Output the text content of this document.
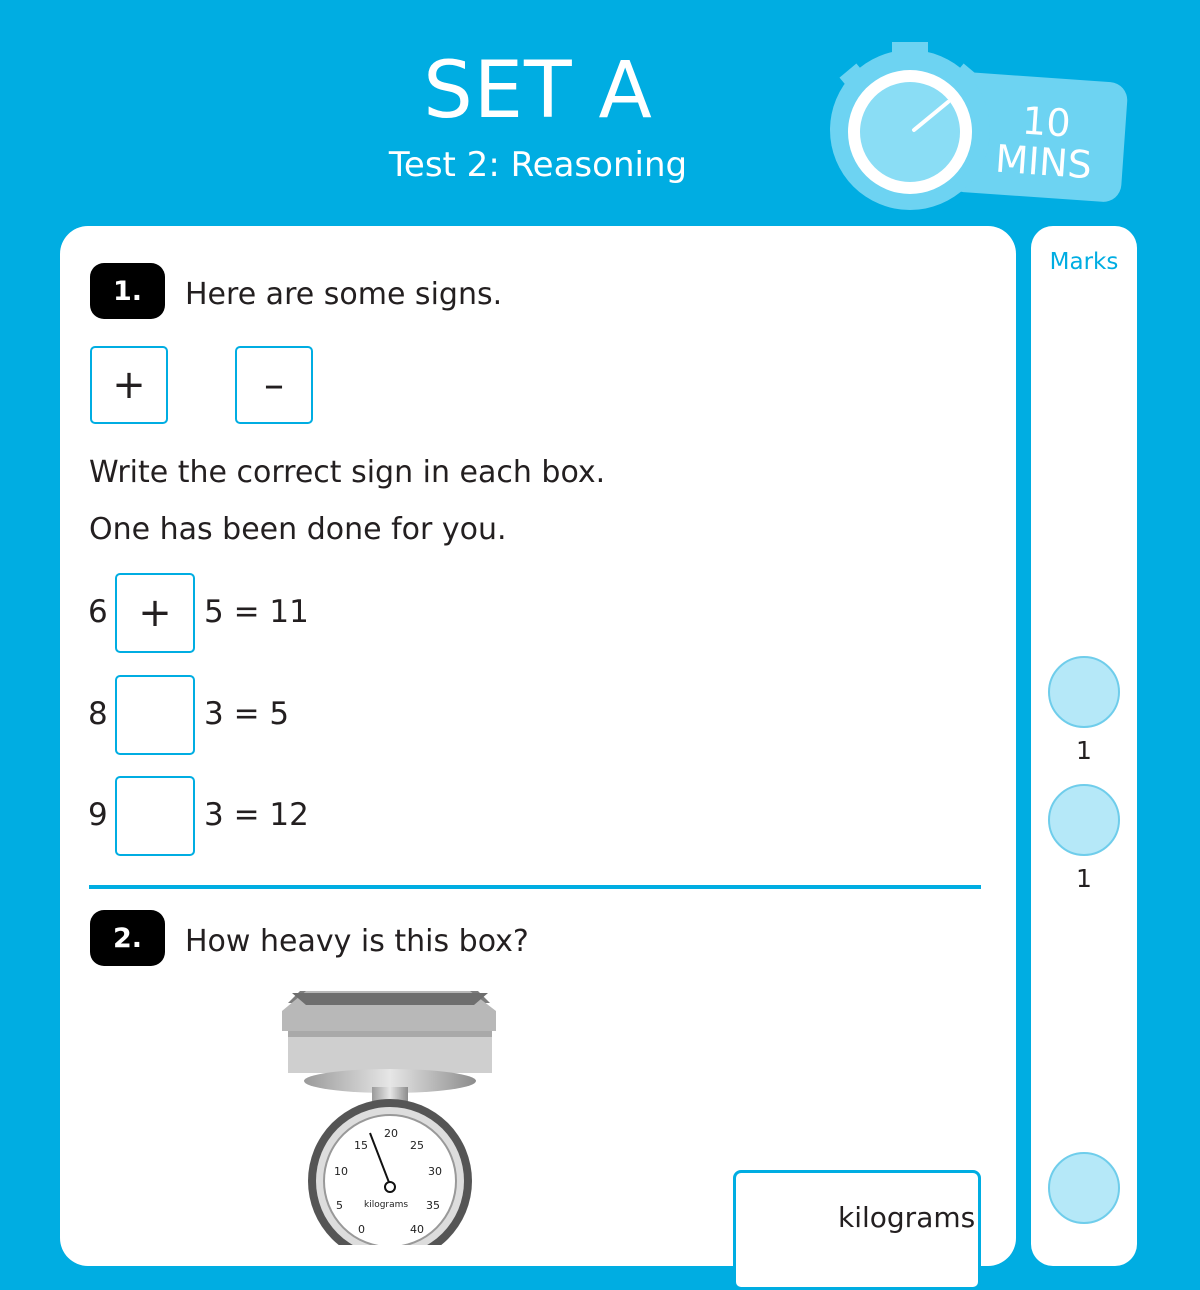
SET A
Test 2: Reasoning
10
MINS
Marks
1
1
1.	Here are some signs.
+	–
Write the correct sign in each box.
One has been done for you.
6 +	5 = 11
8	3 = 5
9	3 = 12
2.	How heavy is this box?
20
25
15
10	30
5	35
0	40
kilograms	kilograms
